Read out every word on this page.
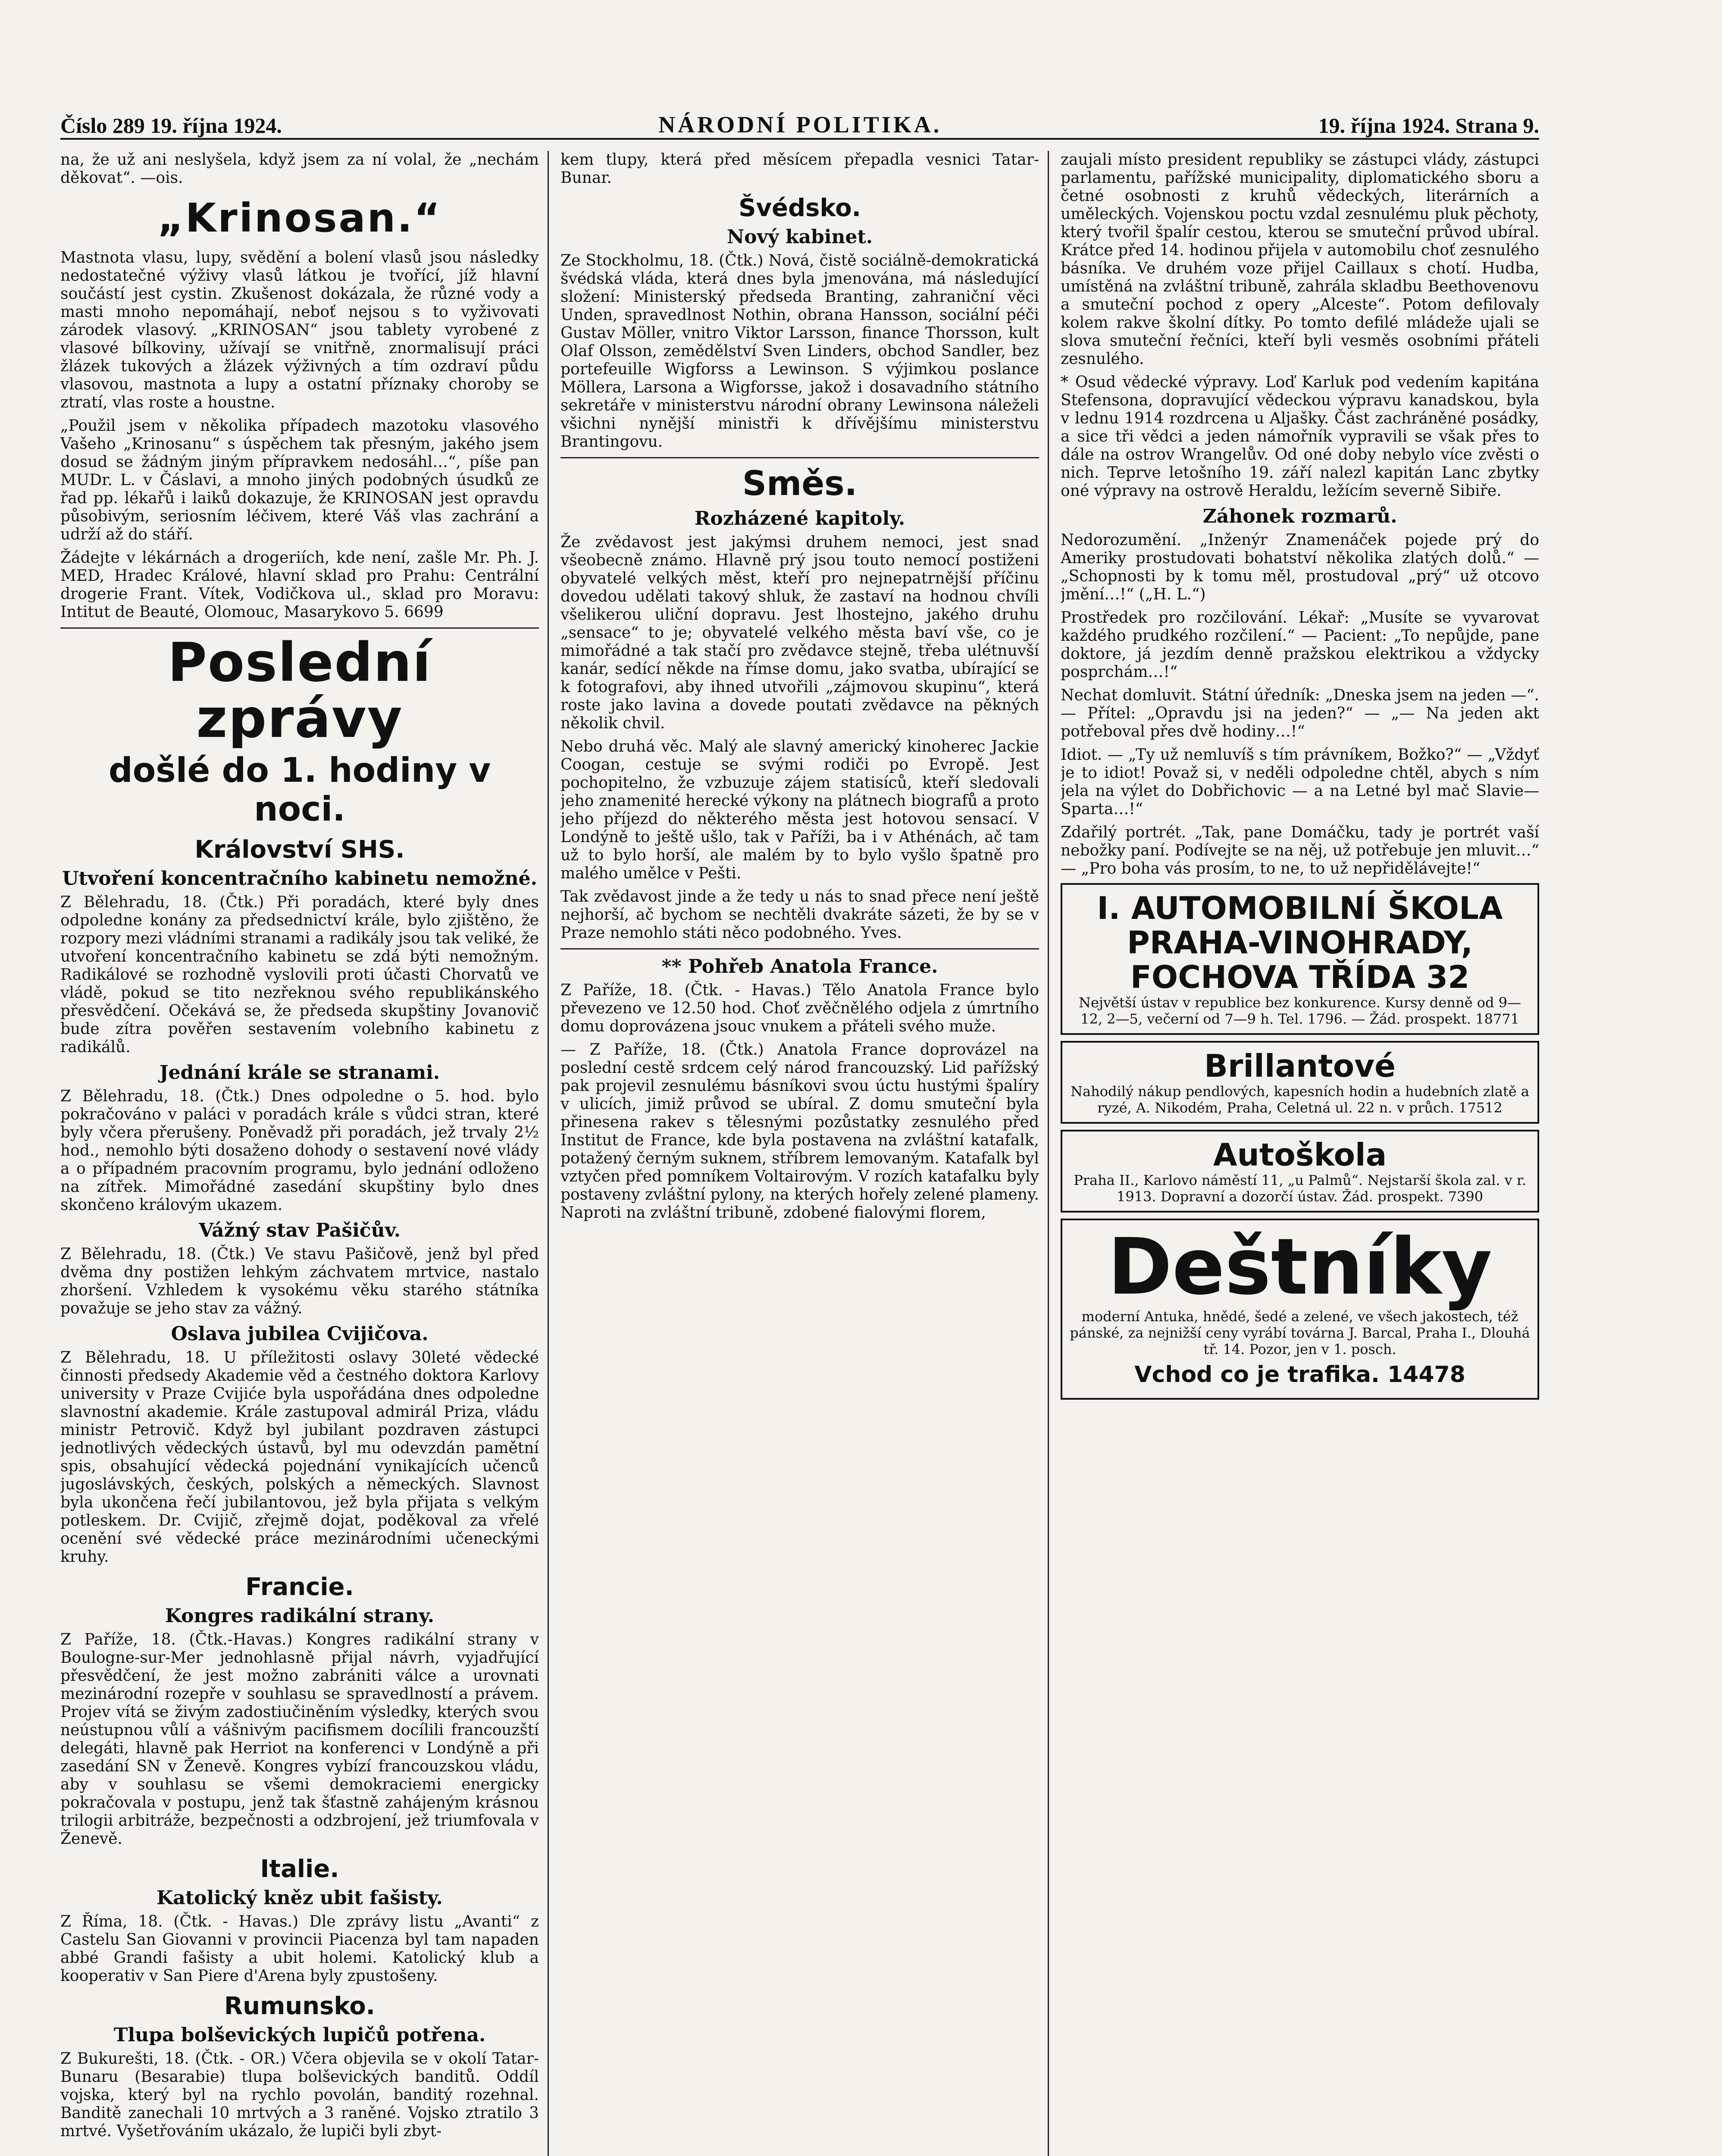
Číslo 289 19. října 1924.	NÁRODNÍ POLITIKA.	19. října 1924. Strana 9.

na, že už ani neslyšela, když jsem za ní volal, že „nechám děkovat“. —ois.

„Krinosan.“

Mastnota vlasu, lupy, svědění a bolení vlasů jsou následky nedostatečné výživy vlasů látkou je tvořící, jíž hlavní součástí jest cystin. Zkušenost dokázala, že různé vody a masti mnoho nepomáhají, neboť nejsou s to vyživovati zárodek vlasový. „KRINOSAN“ jsou tablety vyrobené z vlasové bílkoviny, užívají se vnitřně, znormalisují práci žlázek tukových a žlázek výživných a tím ozdraví půdu vlasovou, mastnota a lupy a ostatní příznaky choroby se ztratí, vlas roste a houstne.

„Použil jsem v několika případech mazotoku vlasového Vašeho „Krinosanu“ s úspěchem tak přesným, jakého jsem dosud se žádným jiným přípravkem nedosáhl…“, píše pan MUDr. L. v Čáslavi, a mnoho jiných podobných úsudků ze řad pp. lékařů i laiků dokazuje, že KRINOSAN jest opravdu působivým, seriosním léčivem, které Váš vlas zachrání a udrží až do stáří.

Žádejte v lékárnách a drogeriích, kde není, zašle Mr. Ph. J. MED, Hradec Králové, hlavní sklad pro Prahu: Centrální drogerie Frant. Vítek, Vodičkova ul., sklad pro Moravu: Intitut de Beauté, Olomouc, Masarykovo 5. 6699

Poslední zprávy
došlé do 1. hodiny v noci.
Království SHS.
Utvoření koncentračního kabinetu nemožné.

Z Bělehradu, 18. (Čtk.) Při poradách, které byly dnes odpoledne konány za předsednictví krále, bylo zjištěno, že rozpory mezi vládními stranami a radikály jsou tak veliké, že utvoření koncentračního kabinetu se zdá býti nemožným. Radikálové se rozhodně vyslovili proti účasti Chorvatů ve vládě, pokud se tito nezřeknou svého republikánského přesvědčení. Očekává se, že předseda skupštiny Jovanovič bude zítra pověřen sestavením volebního kabinetu z radikálů.

Jednání krále se stranami.

Z Bělehradu, 18. (Čtk.) Dnes odpoledne o 5. hod. bylo pokračováno v paláci v poradách krále s vůdci stran, které byly včera přerušeny. Poněvadž při poradách, jež trvaly 2½ hod., nemohlo býti dosaženo dohody o sestavení nové vlády a o případném pracovním programu, bylo jednání odloženo na zítřek. Mimořádné zasedání skupštiny bylo dnes skončeno královým ukazem.

Vážný stav Pašičův.

Z Bělehradu, 18. (Čtk.) Ve stavu Pašičově, jenž byl před dvěma dny postižen lehkým záchvatem mrtvice, nastalo zhoršení. Vzhledem k vysokému věku starého státníka považuje se jeho stav za vážný.

Oslava jubilea Cvijičova.

Z Bělehradu, 18. U příležitosti oslavy 30leté vědecké činnosti předsedy Akademie věd a čestného doktora Karlovy university v Praze Cvijiće byla uspořádána dnes odpoledne slavnostní akademie. Krále zastupoval admirál Priza, vládu ministr Petrovič. Když byl jubilant pozdraven zástupci jednotlivých vědeckých ústavů, byl mu odevzdán pamětní spis, obsahující vědecká pojednání vynikajících učenců jugoslávských, českých, polských a německých. Slavnost byla ukončena řečí jubilantovou, jež byla přijata s velkým potleskem. Dr. Cvijič, zřejmě dojat, poděkoval za vřelé ocenění své vědecké práce mezinárodními učeneckými kruhy.

Francie.
Kongres radikální strany.

Z Paříže, 18. (Čtk.-Havas.) Kongres radikální strany v Boulogne-sur-Mer jednohlasně přijal návrh, vyjadřující přesvědčení, že jest možno zabrániti válce a urovnati mezinárodní rozepře v souhlasu se spravedlností a právem. Projev vítá se živým zadostiučiněním výsledky, kterých svou neústupnou vůlí a vášnivým pacifismem docílili francouzští delegáti, hlavně pak Herriot na konferenci v Londýně a při zasedání SN v Ženevě. Kongres vybízí francouzskou vládu, aby v souhlasu se všemi demokraciemi energicky pokračovala v postupu, jenž tak šťastně zahájeným krásnou trilogii arbitráže, bezpečnosti a odzbrojení, jež triumfovala v Ženevě.

Italie.
Katolický kněz ubit fašisty.

Z Říma, 18. (Čtk. - Havas.) Dle zprávy listu „Avanti“ z Castelu San Giovanni v provincii Piacenza byl tam napaden abbé Grandi fašisty a ubit holemi. Katolický klub a kooperativ v San Piere d'Arena byly zpustošeny.

Rumunsko.
Tlupa bolševických lupičů potřena.

Z Bukurešti, 18. (Čtk. - OR.) Včera objevila se v okolí Tatar-Bunaru (Besarabie) tlupa bolševických banditů. Oddíl vojska, který byl na rychlo povolán, banditý rozehnal. Banditě zanechali 10 mrtvých a 3 raněné. Vojsko ztratilo 3 mrtvé. Vyšetřováním ukázalo, že lupiči byli zbyt-

kem tlupy, která před měsícem přepadla vesnici Tatar-Bunar.

Švédsko.
Nový kabinet.

Ze Stockholmu, 18. (Čtk.) Nová, čistě sociálně-demokratická švédská vláda, která dnes byla jmenována, má následující složení: Ministerský předseda Branting, zahraniční věci Unden, spravedlnost Nothin, obrana Hansson, sociální péči Gustav Möller, vnitro Viktor Larsson, finance Thorsson, kult Olaf Olsson, zemědělství Sven Linders, obchod Sandler, bez portefeuille Wigforss a Lewinson. S výjimkou poslance Möllera, Larsona a Wigforsse, jakož i dosavadního státního sekretáře v ministerstvu národní obrany Lewinsona náleželi všichni nynější ministři k dřívějšímu ministerstvu Brantingovu.

Směs.
Rozházené kapitoly.

Že zvědavost jest jakýmsi druhem nemoci, jest snad všeobecně známo. Hlavně prý jsou touto nemocí postiženi obyvatelé velkých měst, kteří pro nejnepatrnější příčinu dovedou udělati takový shluk, že zastaví na hodnou chvíli všelikerou uliční dopravu. Jest lhostejno, jakého druhu „sensace“ to je; obyvatelé velkého města baví vše, co je mimořádné a tak stačí pro zvědavce stejně, třeba ulétnuvší kanár, sedící někde na římse domu, jako svatba, ubírající se k fotografovi, aby ihned utvořili „zájmovou skupinu“, která roste jako lavina a dovede poutati zvědavce na pěkných několik chvil.

Nebo druhá věc. Malý ale slavný americký kinoherec Jackie Coogan, cestuje se svými rodiči po Evropě. Jest pochopitelno, že vzbuzuje zájem statisíců, kteří sledovali jeho znamenité herecké výkony na plátnech biografů a proto jeho příjezd do některého města jest hotovou sensací. V Londýně to ještě ušlo, tak v Paříži, ba i v Athénách, ač tam už to bylo horší, ale malém by to bylo vyšlo špatně pro malého umělce v Pešti.

Tak zvědavost jinde a že tedy u nás to snad přece není ještě nejhorší, ač bychom se nechtěli dvakráte sázeti, že by se v Praze nemohlo státi něco podobného. Yves.

** Pohřeb Anatola France.

Z Paříže, 18. (Čtk. - Havas.) Tělo Anatola France bylo převezeno ve 12.50 hod. Choť zvěčnělého odjela z úmrtního domu doprovázena jsouc vnukem a přáteli svého muže.

— Z Paříže, 18. (Čtk.) Anatola France doprovázel na poslední cestě srdcem celý národ francouzský. Lid pařížský pak projevil zesnulému básníkovi svou úctu hustými špalíry v ulicích, jimiž průvod se ubíral. Z domu smuteční byla přinesena rakev s tělesnými pozůstatky zesnulého před Institut de France, kde byla postavena na zvláštní katafalk, potažený černým suknem, stříbrem lemovaným. Katafalk byl vztyčen před pomníkem Voltairovým. V rozích katafalku byly postaveny zvláštní pylony, na kterých hořely zelené plameny. Naproti na zvláštní tribuně, zdobené fialovými florem,

zaujali místo president republiky se zástupci vlády, zástupci parlamentu, pařížské municipality, diplomatického sboru a četné osobnosti z kruhů vědeckých, literárních a uměleckých. Vojenskou poctu vzdal zesnulému pluk pěchoty, který tvořil špalír cestou, kterou se smuteční průvod ubíral. Krátce před 14. hodinou přijela v automobilu choť zesnulého básníka. Ve druhém voze přijel Caillaux s chotí. Hudba, umístěná na zvláštní tribuně, zahrála skladbu Beethovenovu a smuteční pochod z opery „Alceste“. Potom defilovaly kolem rakve školní dítky. Po tomto defilé mládeže ujali se slova smuteční řečníci, kteří byli vesměs osobními přáteli zesnulého.

* Osud vědecké výpravy. Loď Karluk pod vedením kapitána Stefensona, dopravující vědeckou výpravu kanadskou, byla v lednu 1914 rozdrcena u Aljašky. Část zachráněné posádky, a sice tři vědci a jeden námořník vypravili se však přes to dále na ostrov Wrangelův. Od oné doby nebylo více zvěsti o nich. Teprve letošního 19. září nalezl kapitán Lanc zbytky oné výpravy na ostrově Heraldu, ležícím severně Sibiře.

Záhonek rozmarů.

Nedorozumění. „Inženýr Znamenáček pojede prý do Ameriky prostudovati bohatství několika zlatých dolů.“ — „Schopnosti by k tomu měl, prostudoval „prý“ už otcovo jmění…!“ („H. L.“)

Prostředek pro rozčilování. Lékař: „Musíte se vyvarovat každého prudkého rozčilení.“ — Pacient: „To nepůjde, pane doktore, já jezdím denně pražskou elektrikou a vždycky posprchám…!“

Nechat domluvit. Státní úředník: „Dneska jsem na jeden —“. — Přítel: „Opravdu jsi na jeden?“ — „— Na jeden akt potřeboval přes dvě hodiny…!“

Idiot. — „Ty už nemluvíš s tím právníkem, Božko?“ — „Vždyť je to idiot! Považ si, v neděli odpoledne chtěl, abych s ním jela na výlet do Dobřichovic — a na Letné byl mač Slavie—Sparta…!“

Zdařilý portrét. „Tak, pane Domáčku, tady je portrét vaší nebožky paní. Podívejte se na něj, už potřebuje jen mluvit…“ — „Pro boha vás prosím, to ne, to už nepřidělávejte!“

I. AUTOMOBILNÍ ŠKOLA PRAHA-VINOHRADY, FOCHOVA TŘÍDA 32
Největší ústav v republice bez konkurence. Kursy denně od 9—12, 2—5, večerní od 7—9 h. Tel. 1796. — Žád. prospekt. 18771
Brillantové
Nahodilý nákup pendlových, kapesních hodin a hudebních zlatě a ryzé, A. Nikodém, Praha, Celetná ul. 22 n. v průch. 17512
Autoškola
Praha II., Karlovo náměstí 11, „u Palmů“. Nejstarší škola zal. v r. 1913. Dopravní a dozorčí ústav. Žád. prospekt. 7390
Deštníky
moderní Antuka, hnědé, šedé a zelené, ve všech jakostech, též pánské, za nejnižší ceny vyrábí továrna J. Barcal, Praha I., Dlouhá tř. 14. Pozor, jen v 1. posch.
Vchod co je trafika. 14478
